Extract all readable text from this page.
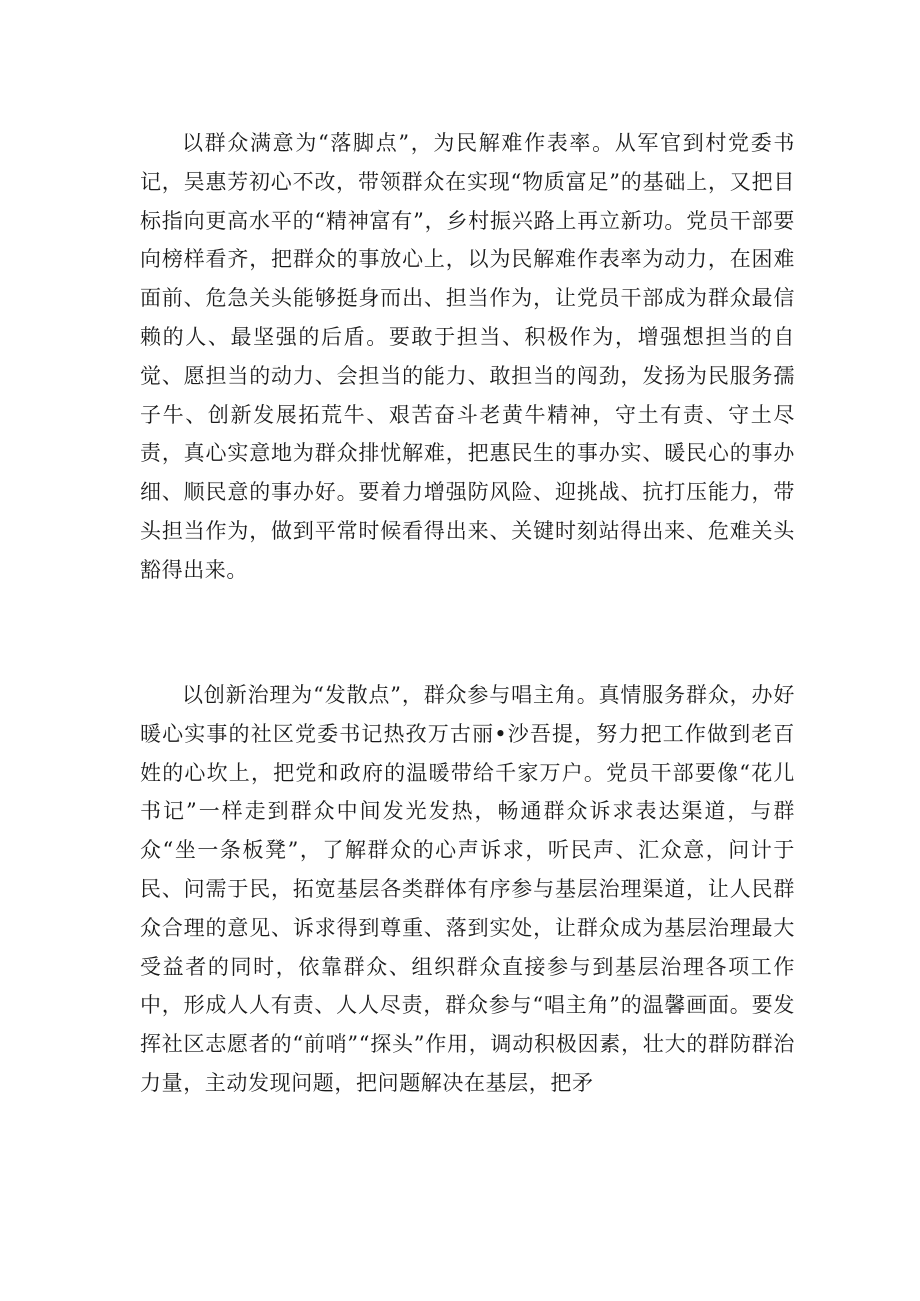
以群众满意为“落脚点”，为民解难作表率。从军官到村党委书记，吴惠芳初心不改，带领群众在实现“物质富足”的基础上，又把目标指向更高水平的“精神富有”，乡村振兴路上再立新功。党员干部要向榜样看齐，把群众的事放心上，以为民解难作表率为动力，在困难面前、危急关头能够挺身而出、担当作为，让党员干部成为群众最信赖的人、最坚强的后盾。要敢于担当、积极作为，增强想担当的自觉、愿担当的动力、会担当的能力、敢担当的闯劲，发扬为民服务孺子牛、创新发展拓荒牛、艰苦奋斗老黄牛精神，守土有责、守土尽责，真心实意地为群众排忧解难，把惠民生的事办实、暖民心的事办细、顺民意的事办好。要着力增强防风险、迎挑战、抗打压能力，带头担当作为，做到平常时候看得出来、关键时刻站得出来、危难关头豁得出来。

以创新治理为“发散点”，群众参与唱主角。真情服务群众，办好暖心实事的社区党委书记热孜万古丽•沙吾提，努力把工作做到老百姓的心坎上，把党和政府的温暖带给千家万户。党员干部要像“花儿书记”一样走到群众中间发光发热，畅通群众诉求表达渠道，与群众“坐一条板凳”，了解群众的心声诉求，听民声、汇众意，问计于民、问需于民，拓宽基层各类群体有序参与基层治理渠道，让人民群众合理的意见、诉求得到尊重、落到实处，让群众成为基层治理最大受益者的同时，依靠群众、组织群众直接参与到基层治理各项工作中，形成人人有责、人人尽责，群众参与“唱主角”的温馨画面。要发挥社区志愿者的“前哨”“探头”作用，调动积极因素，壮大的群防群治力量，主动发现问题，把问题解决在基层，把矛
